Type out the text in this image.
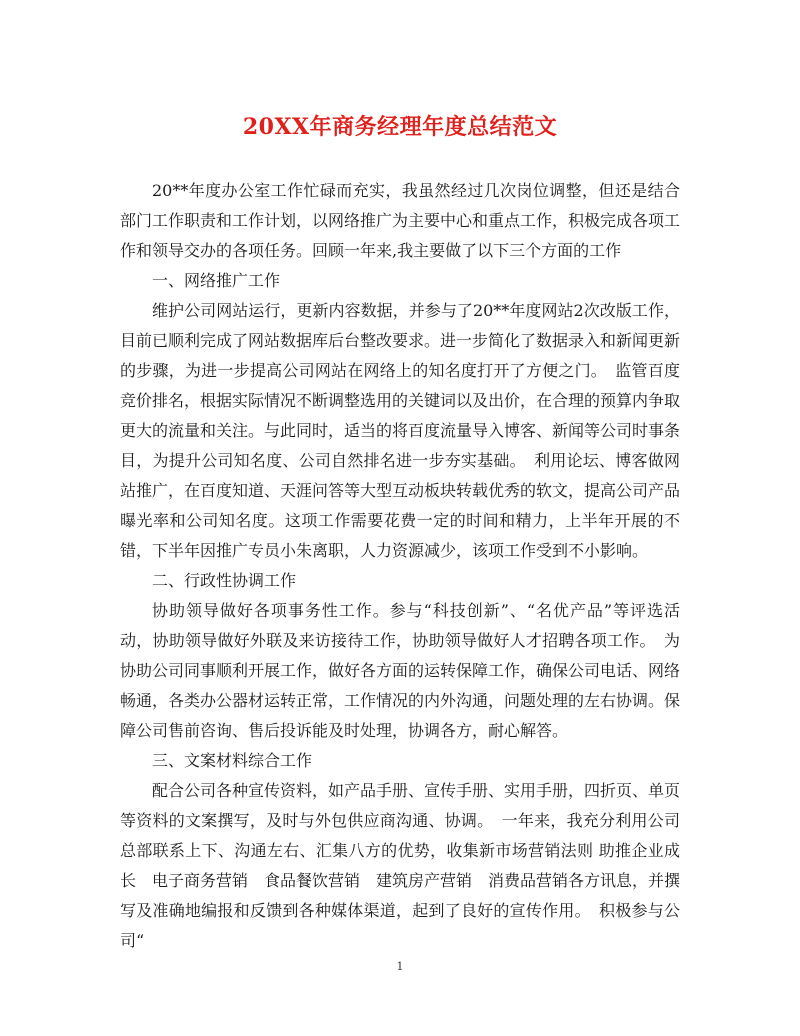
20XX年商务经理年度总结范文

20**年度办公室工作忙碌而充实，我虽然经过几次岗位调整，但还是结合部门工作职责和工作计划，以网络推广为主要中心和重点工作，积极完成各项工作和领导交办的各项任务。回顾一年来,我主要做了以下三个方面的工作

一、网络推广工作

维护公司网站运行，更新内容数据，并参与了20**年度网站2次改版工作，目前已顺利完成了网站数据库后台整改要求。进一步简化了数据录入和新闻更新的步骤，为进一步提高公司网站在网络上的知名度打开了方便之门。　监管百度竞价排名，根据实际情况不断调整选用的关键词以及出价，在合理的预算内争取更大的流量和关注。与此同时，适当的将百度流量导入博客、新闻等公司时事条目，为提升公司知名度、公司自然排名进一步夯实基础。　利用论坛、博客做网站推广，在百度知道、天涯问答等大型互动板块转载优秀的软文，提高公司产品曝光率和公司知名度。这项工作需要花费一定的时间和精力，上半年开展的不错，下半年因推广专员小朱离职，人力资源减少，该项工作受到不小影响。

二、行政性协调工作

协助领导做好各项事务性工作。参与“科技创新”、“名优产品”等评选活动，协助领导做好外联及来访接待工作，协助领导做好人才招聘各项工作。　为协助公司同事顺利开展工作，做好各方面的运转保障工作，确保公司电话、网络畅通，各类办公器材运转正常，工作情况的内外沟通，问题处理的左右协调。保障公司售前咨询、售后投诉能及时处理，协调各方，耐心解答。

三、文案材料综合工作

配合公司各种宣传资料，如产品手册、宣传手册、实用手册，四折页、单页等资料的文案撰写，及时与外包供应商沟通、协调。　一年来，我充分利用公司总部联系上下、沟通左右、汇集八方的优势，收集新市场营销法则 助推企业成长　电子商务营销　食品餐饮营销　建筑房产营销　消费品营销各方讯息，并撰写及准确地编报和反馈到各种媒体渠道，起到了良好的宣传作用。　积极参与公司“

1
